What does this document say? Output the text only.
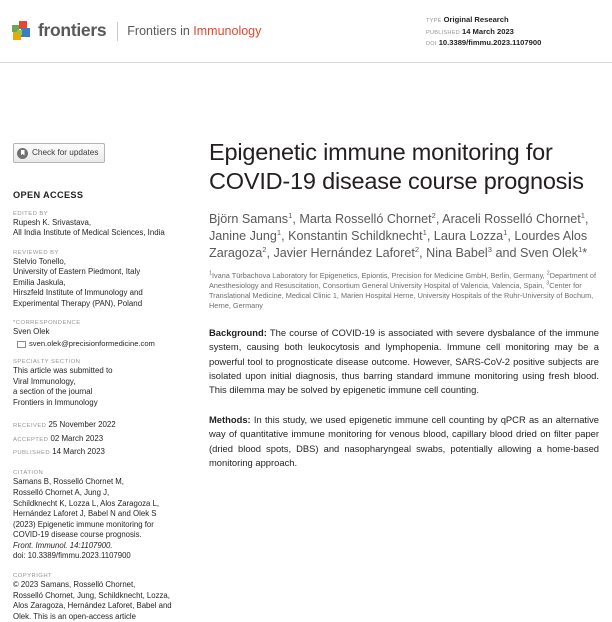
frontiers Frontiers in Immunology
TYPE Original Research
PUBLISHED 14 March 2023
DOI 10.3389/fimmu.2023.1107900
Check for updates
OPEN ACCESS
EDITED BY
Rupesh K. Srivastava,
All India Institute of Medical Sciences, India
REVIEWED BY
Stelvio Tonello,
University of Eastern Piedmont, Italy
Emilia Jaskula,
Hirszfeld Institute of Immunology and
Experimental Therapy (PAN), Poland
*CORRESPONDENCE
Sven Olek
sven.olek@precisionformedicine.com
SPECIALTY SECTION
This article was submitted to
Viral Immunology,
a section of the journal
Frontiers in Immunology
RECEIVED 25 November 2022
ACCEPTED 02 March 2023
PUBLISHED 14 March 2023
CITATION
Samans B, Rosselló Chornet M,
Rosselló Chornet A, Jung J,
Schildknecht K, Lozza L, Alos Zaragoza L,
Hernández Laforet J, Babel N and Olek S
(2023) Epigenetic immune monitoring for
COVID-19 disease course prognosis.
Front. Immunol. 14:1107900.
doi: 10.3389/fimmu.2023.1107900
COPYRIGHT
© 2023 Samans, Rosselló Chornet,
Rosselló Chornet, Jung, Schildknecht, Lozza,
Alos Zaragoza, Hernández Laforet, Babel and
Olek. This is an open-access article
Epigenetic immune monitoring for COVID-19 disease course prognosis
Björn Samans$^1$, Marta Rosselló Chornet$^2$, Araceli Rosselló Chornet$^1$, Janine Jung$^1$, Konstantin Schildknecht$^1$, Laura Lozza$^1$, Lourdes Alos Zaragoza$^2$, Javier Hernández Laforet$^2$, Nina Babel$^3$ and Sven Olek$^1$*
$^1$Ivana Türbachova Laboratory for Epigenetics, Epiontis, Precision for Medicine GmbH, Berlin, Germany, $^2$Department of Anesthesiology and Resuscitation, Consortium General University Hospital of Valencia, Valencia, Spain, $^3$Center for Translational Medicine, Medical Clinic 1, Marien Hospital Herne, University Hospitals of the Ruhr-University of Bochum, Herne, Germany

Background: The course of COVID-19 is associated with severe dysbalance of the immune system, causing both leukocytosis and lymphopenia. Immune cell monitoring may be a powerful tool to prognosticate disease outcome. However, SARS-CoV-2 positive subjects are isolated upon initial diagnosis, thus barring standard immune monitoring using fresh blood. This dilemma may be solved by epigenetic immune cell counting.

Methods: In this study, we used epigenetic immune cell counting by qPCR as an alternative way of quantitative immune monitoring for venous blood, capillary blood dried on filter paper (dried blood spots, DBS) and nasopharyngeal swabs, potentially allowing a home-based monitoring approach.
